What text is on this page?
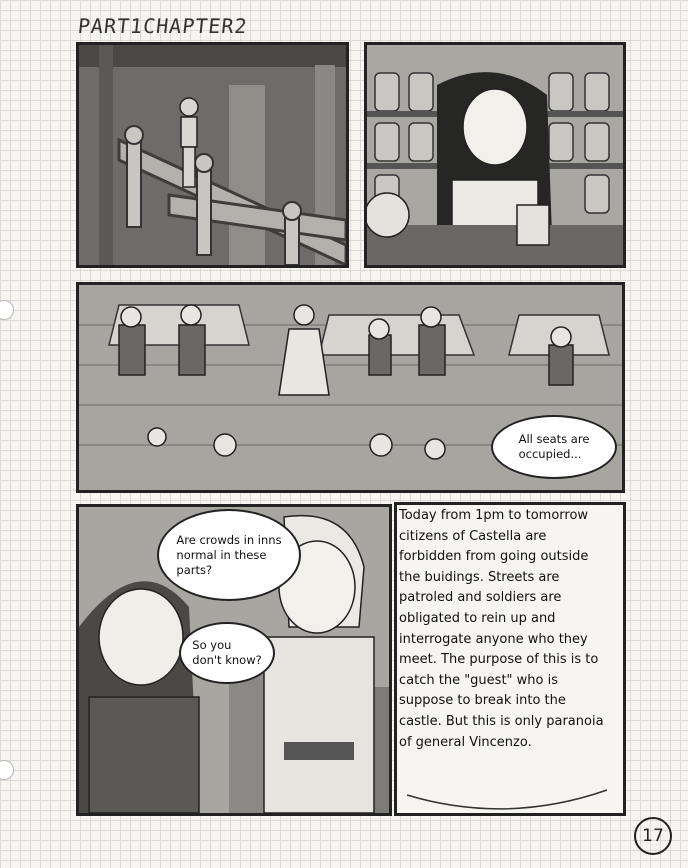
PART1CHAPTER2
All seats are
occupied...
Are crowds in inns
normal in these
parts?
So you
don't know?
Today from 1pm to tomorrow
citizens of Castella are
forbidden from going outside
the buidings. Streets are
patroled and soldiers are
obligated to rein up and
interrogate anyone who they
meet. The purpose of this is to
catch the "guest" who is
suppose to break into the
castle. But this is only paranoia
of general Vincenzo.
17
